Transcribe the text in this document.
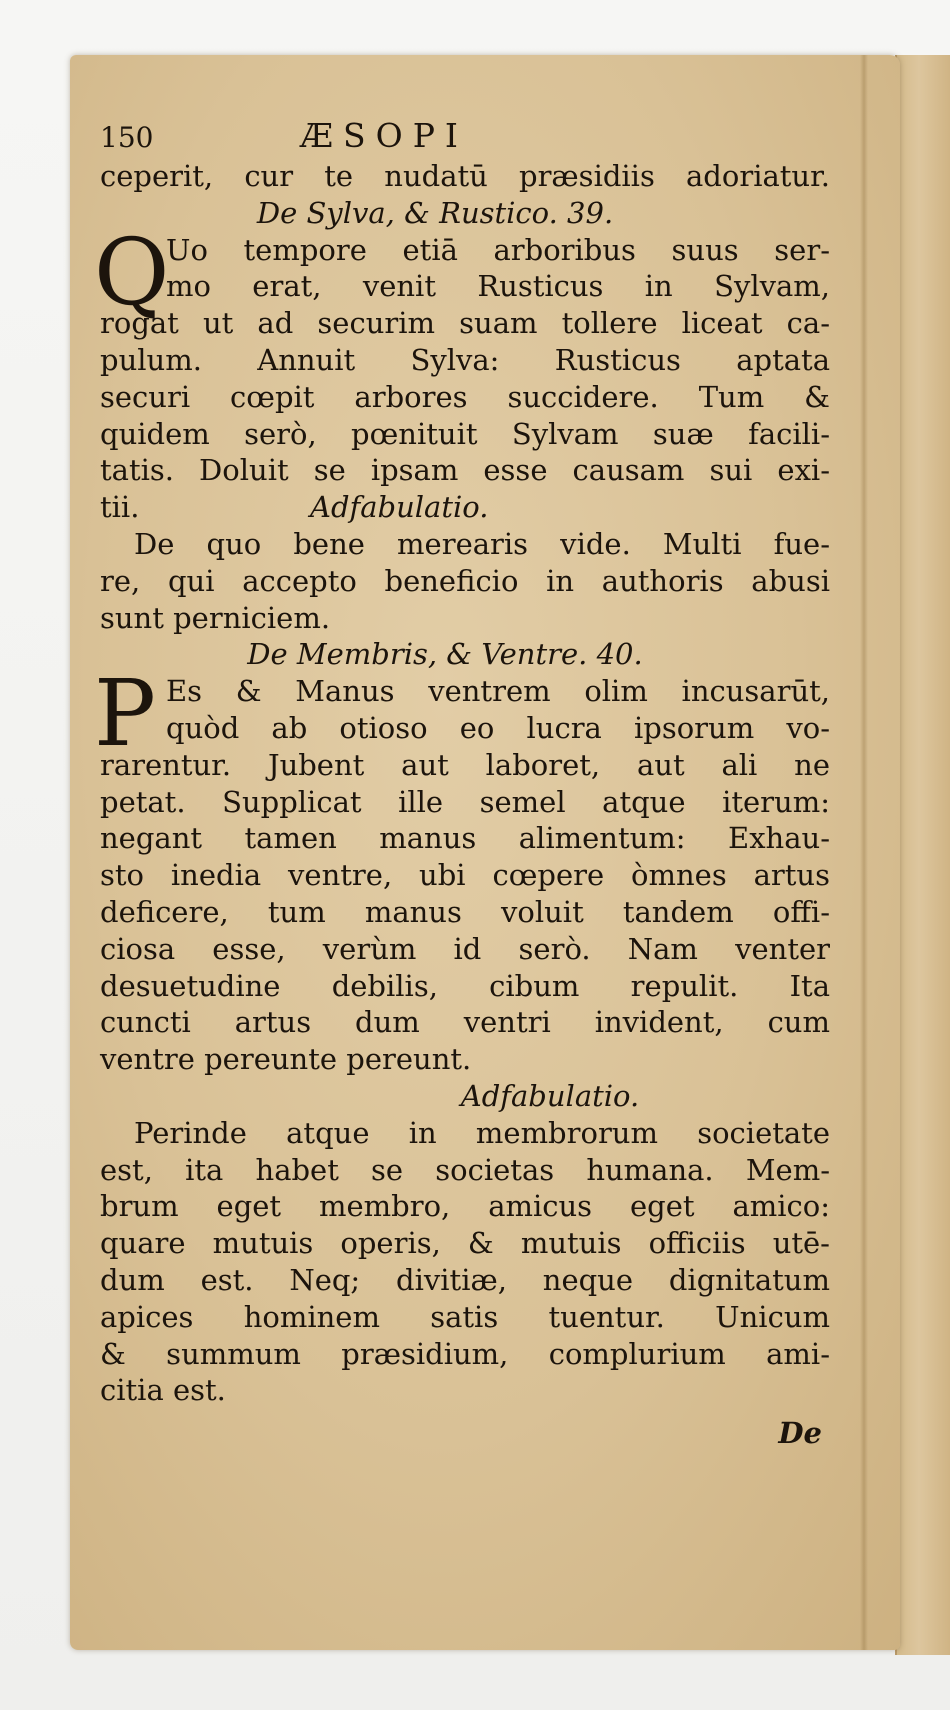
150	ÆSOPI
ceperit, cur te nudatū præsidiis adoriatur.
De Sylva, & Rustico. 39.
Q
Uo tempore etiā arboribus suus ser-
mo erat, venit Rusticus in Sylvam,
rogat ut ad securim suam tollere liceat ca-
pulum. Annuit Sylva: Rusticus aptata
securi cœpit arbores succidere. Tum &
quidem serò, pœnituit Sylvam suæ facili-
tatis. Doluit se ipsam esse causam sui exi-
tii.	Adfabulatio.
De quo bene merearis vide. Multi fue-
re, qui accepto beneficio in authoris abusi
sunt perniciem.
De Membris, & Ventre. 40.
P Es & Manus ventrem olim incusarūt,
quòd ab otioso eo lucra ipsorum vo-
rarentur. Jubent aut laboret, aut ali ne
petat. Supplicat ille semel atque iterum:
negant tamen manus alimentum: Exhau-
sto inedia ventre, ubi cœpere òmnes artus
deficere, tum manus voluit tandem offi-
ciosa esse, verùm id serò. Nam venter
desuetudine debilis, cibum repulit. Ita
cuncti artus dum ventri invident, cum
ventre pereunte pereunt.
Adfabulatio.
Perinde atque in membrorum societate
est, ita habet se societas humana. Mem-
brum eget membro, amicus eget amico:
quare mutuis operis, & mutuis officiis utē-
dum est. Neq; divitiæ, neque dignitatum
apices hominem satis tuentur. Unicum
& summum præsidium, complurium ami-
citia est.
De
